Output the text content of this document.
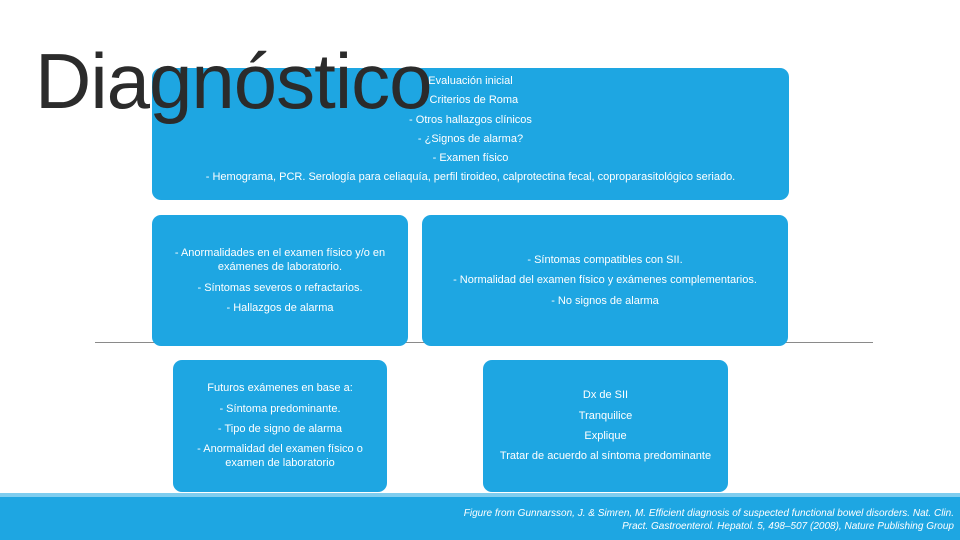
Evaluación inicial

- Criterios de Roma

- Otros hallazgos clínicos

- ¿Signos de alarma?

- Examen físico

- Hemograma, PCR. Serología para celiaquía, perfil tiroideo, calprotectina fecal, coproparasitológico seriado.

- Anormalidades en el examen físico y/o en exámenes de laboratorio.

- Síntomas severos o refractarios.

- Hallazgos de alarma

- Síntomas compatibles con SII.

- Normalidad del examen físico y exámenes complementarios.

- No signos de alarma

Futuros exámenes en base a:

- Síntoma predominante.

- Tipo de signo de alarma

- Anormalidad del examen físico o examen de laboratorio

Dx de SII

Tranquilice

Explique

Tratar de acuerdo al síntoma predominante

Diagnóstico
Figure from Gunnarsson, J. & Simren, M. Efficient diagnosis of suspected functional bowel disorders. Nat. Clin.
Pract. Gastroenterol. Hepatol. 5, 498–507 (2008), Nature Publishing Group
